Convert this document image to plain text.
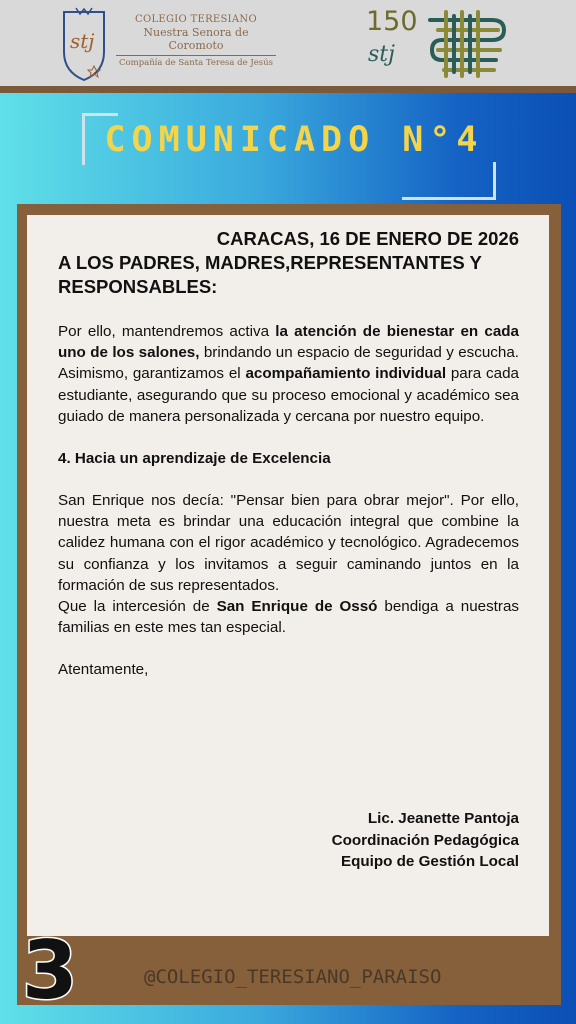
stj
COLEGIO TERESIANO
Nuestra Senora de Coromoto
Compañía de Santa Teresa de Jesús
150
stj
COMUNICADO N°4
CARACAS, 16 DE ENERO DE 2026
A LOS PADRES, MADRES,REPRESENTANTES Y RESPONSABLES:

Por ello, mantendremos activa la atención de bienestar en cada uno de los salones, brindando un espacio de seguridad y escucha. Asimismo, garantizamos el acompañamiento individual para cada estudiante, asegurando que su proceso emocional y académico sea guiado de manera personalizada y cercana por nuestro equipo.

4. Hacia un aprendizaje de Excelencia

San Enrique nos decía: "Pensar bien para obrar mejor". Por ello, nuestra meta es brindar una educación integral que combine la calidez humana con el rigor académico y tecnológico. Agradecemos su confianza y los invitamos a seguir caminando juntos en la formación de sus representados.

Que la intercesión de San Enrique de Ossó bendiga a nuestras familias en este mes tan especial.

Atentamente,
Lic. Jeanette Pantoja
Coordinación Pedagógica
Equipo de Gestión Local
@COLEGIO_TERESIANO_PARAISO
3
